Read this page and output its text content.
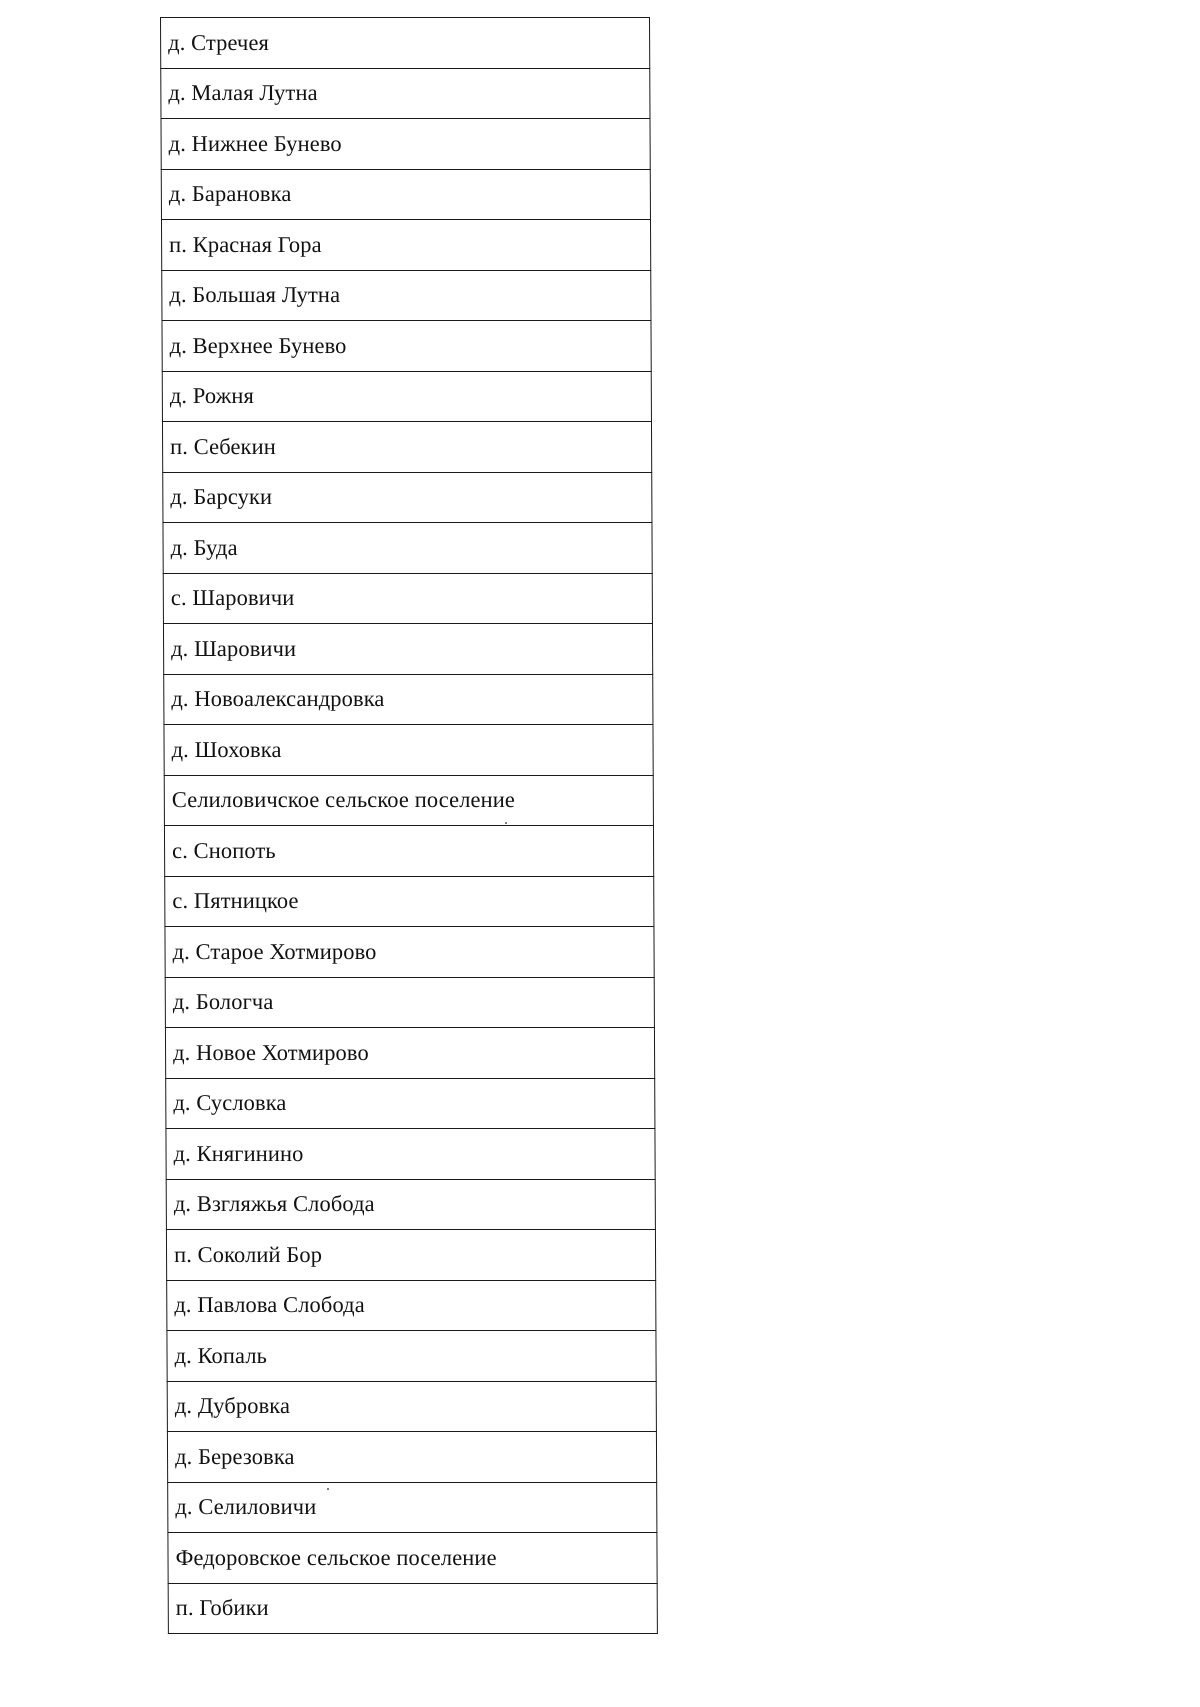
д. Стречея
д. Малая Лутна
д. Нижнее Бунево
д. Барановка
п. Красная Гора
д. Большая Лутна
д. Верхнее Бунево
д. Рожня
п. Себекин
д. Барсуки
д. Буда
с. Шаровичи
д. Шаровичи
д. Новоалександровка
д. Шоховка
Селиловичское сельское поселение
с. Снопоть
с. Пятницкое
д. Старое Хотмирово
д. Бологча
д. Новое Хотмирово
д. Сусловка
д. Княгинино
д. Взгляжья Слобода
п. Соколий Бор
д. Павлова Слобода
д. Копаль
д. Дубровка
д. Березовка
д. Селиловичи
Федоровское сельское поселение
п. Гобики
